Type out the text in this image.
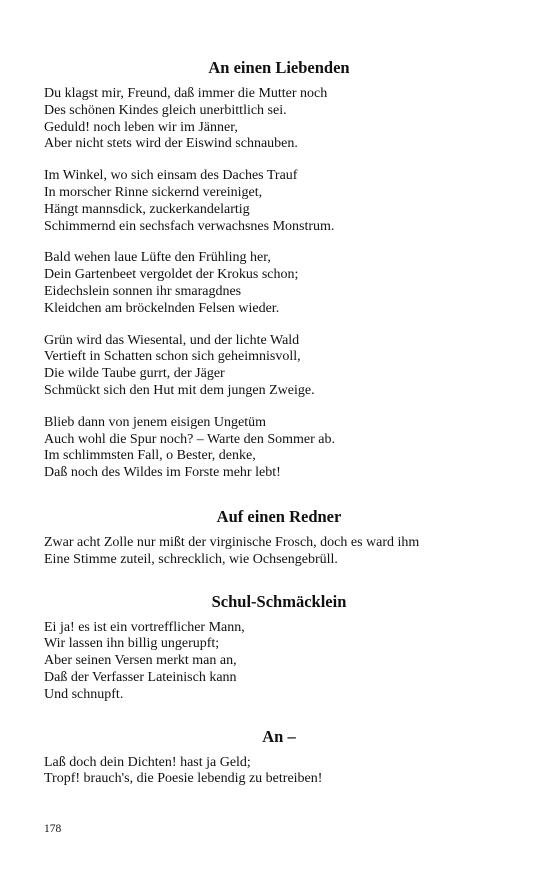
An einen Liebenden
Du klagst mir, Freund, daß immer die Mutter noch
Des schönen Kindes gleich unerbittlich sei.
Geduld! noch leben wir im Jänner,
Aber nicht stets wird der Eiswind schnauben.
Im Winkel, wo sich einsam des Daches Trauf
In morscher Rinne sickernd vereiniget,
Hängt mannsdick, zuckerkandelartig
Schimmernd ein sechsfach verwachsnes Monstrum.
Bald wehen laue Lüfte den Frühling her,
Dein Gartenbeet vergoldet der Krokus schon;
Eidechslein sonnen ihr smaragdnes
Kleidchen am bröckelnden Felsen wieder.
Grün wird das Wiesental, und der lichte Wald
Vertieft in Schatten schon sich geheimnisvoll,
Die wilde Taube gurrt, der Jäger
Schmückt sich den Hut mit dem jungen Zweige.
Blieb dann von jenem eisigen Ungetüm
Auch wohl die Spur noch? – Warte den Sommer ab.
Im schlimmsten Fall, o Bester, denke,
Daß noch des Wildes im Forste mehr lebt!
Auf einen Redner
Zwar acht Zolle nur mißt der virginische Frosch, doch es ward ihm
Eine Stimme zuteil, schrecklich, wie Ochsengebrüll.
Schul-Schmäcklein
Ei ja! es ist ein vortrefflicher Mann,
Wir lassen ihn billig ungerupft;
Aber seinen Versen merkt man an,
Daß der Verfasser Lateinisch kann
Und schnupft.
An –
Laß doch dein Dichten! hast ja Geld;
Tropf! brauch's, die Poesie lebendig zu betreiben!
178
